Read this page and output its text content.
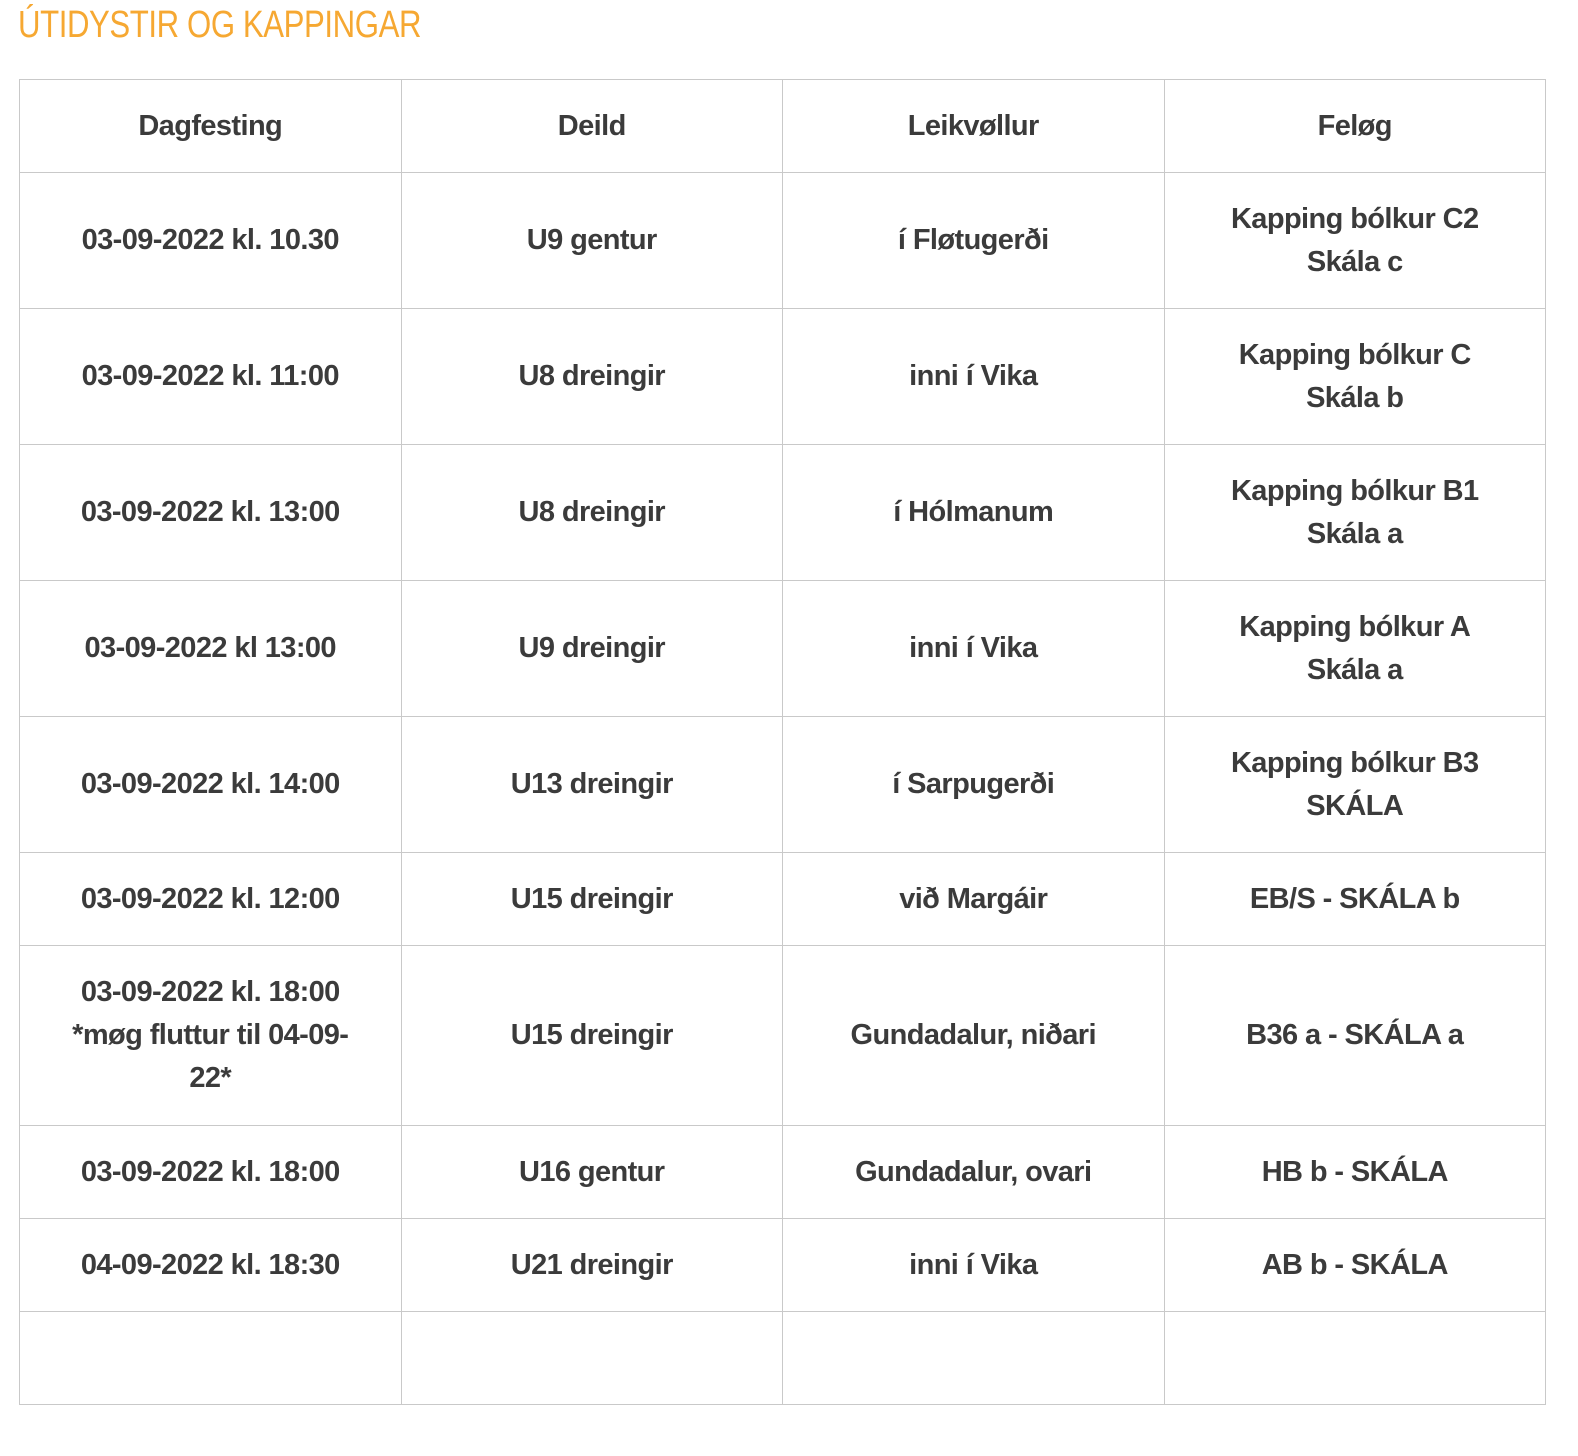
ÚTIDYSTIR OG KAPPINGAR
Dagfesting	Deild	Leikvøllur	Feløg
03-09-2022 kl. 10.30	U9 gentur	í Fløtugerði	Kapping bólkur C2
Skála c
03-09-2022 kl. 11:00	U8 dreingir	inni í Vika	Kapping bólkur C
Skála b
03-09-2022 kl. 13:00	U8 dreingir	í Hólmanum	Kapping bólkur B1
Skála a
03-09-2022 kl 13:00	U9 dreingir	inni í Vika	Kapping bólkur A
Skála a
03-09-2022 kl. 14:00	U13 dreingir	í Sarpugerði	Kapping bólkur B3
SKÁLA
03-09-2022 kl. 12:00	U15 dreingir	við Margáir	EB/S - SKÁLA b
03-09-2022 kl. 18:00
*møg fluttur til 04-09-
22*	U15 dreingir	Gundadalur, niðari	B36 a - SKÁLA a
03-09-2022 kl. 18:00	U16 gentur	Gundadalur, ovari	HB b - SKÁLA
04-09-2022 kl. 18:30	U21 dreingir	inni í Vika	AB b - SKÁLA
